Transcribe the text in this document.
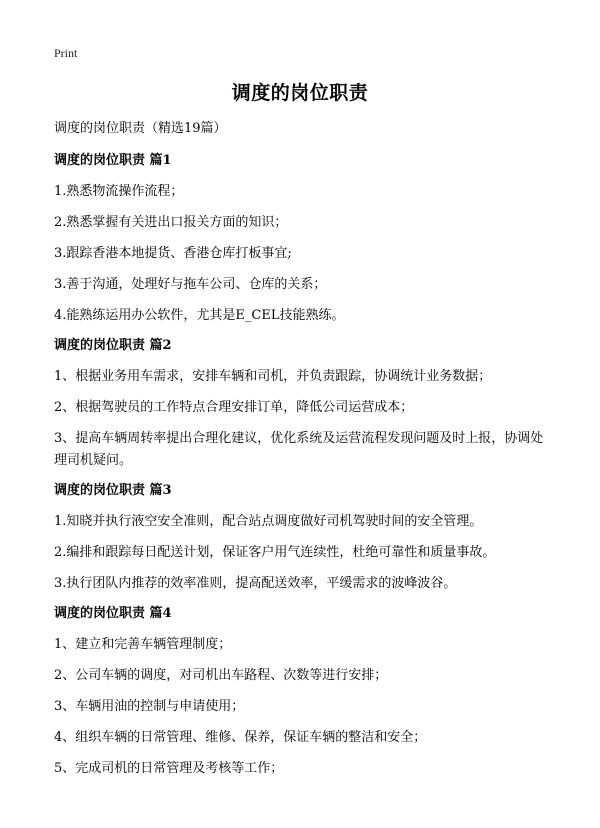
Print
调度的岗位职责

调度的岗位职责（精选19篇）

调度的岗位职责 篇1

1.熟悉物流操作流程；

2.熟悉掌握有关进出口报关方面的知识；

3.跟踪香港本地提货、香港仓库打板事宜;

3.善于沟通，处理好与拖车公司、仓库的关系；

4.能熟练运用办公软件，尤其是E_CEL技能熟练。

调度的岗位职责 篇2

1、根据业务用车需求，安排车辆和司机，并负责跟踪，协调统计业务数据；

2、根据驾驶员的工作特点合理安排订单，降低公司运营成本；

3、提高车辆周转率提出合理化建议，优化系统及运营流程发现问题及时上报，协调处理司机疑问。

调度的岗位职责 篇3

1.知晓并执行液空安全准则，配合站点调度做好司机驾驶时间的安全管理。

2.编排和跟踪每日配送计划，保证客户用气连续性，杜绝可靠性和质量事故。

3.执行团队内推荐的效率准则，提高配送效率，平缓需求的波峰波谷。

调度的岗位职责 篇4

1、建立和完善车辆管理制度；

2、公司车辆的调度，对司机出车路程、次数等进行安排；

3、车辆用油的控制与申请使用；

4、组织车辆的日常管理、维修、保养，保证车辆的整洁和安全；

5、完成司机的日常管理及考核等工作；
